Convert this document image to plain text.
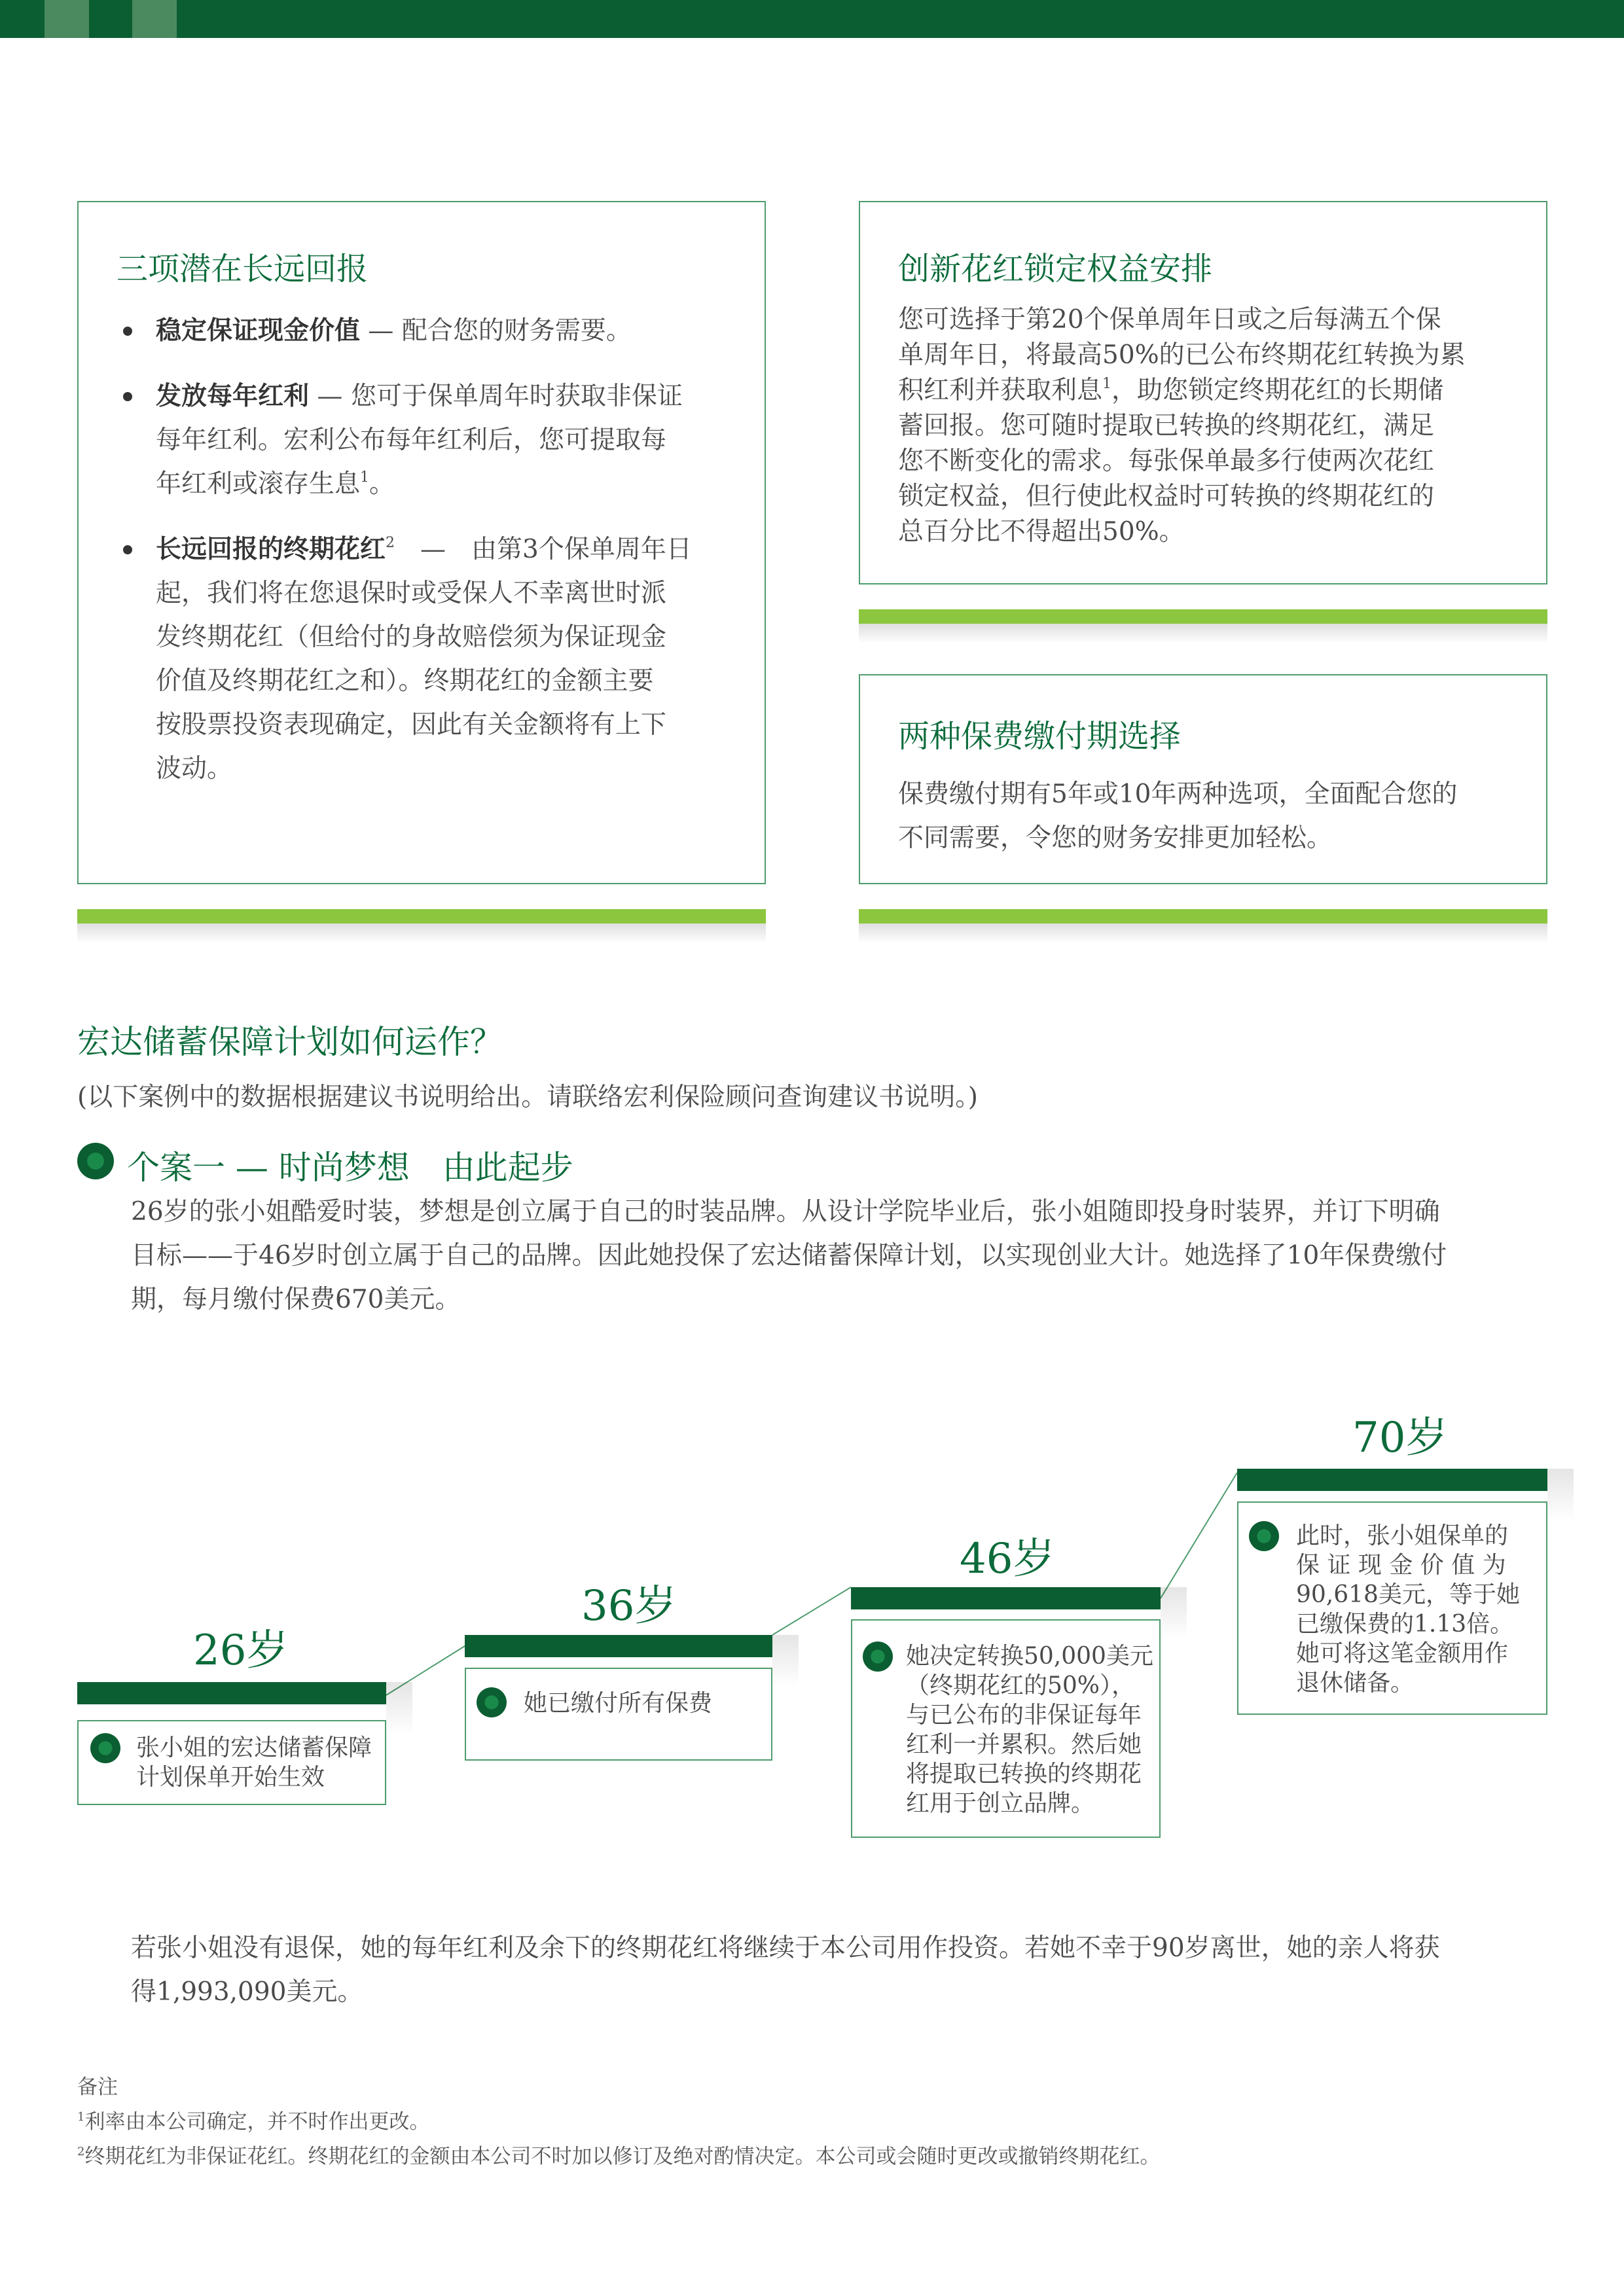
三项潜在长远回报
稳定保证现金价值 — 配合您的财务需要。
发放每年红利 — 您可于保单周年时获取非保证
每年红利。宏利公布每年红利后，您可提取每
年红利或滚存生息$^1$。
长远回报的终期花红$^2$　—　由第3个保单周年日
起，我们将在您退保时或受保人不幸离世时派
发终期花红（但给付的身故赔偿须为保证现金
价值及终期花红之和）。终期花红的金额主要
按股票投资表现确定，因此有关金额将有上下
波动。
创新花红锁定权益安排
您可选择于第20个保单周年日或之后每满五个保
单周年日，将最高50%的已公布终期花红转换为累
积红利并获取利息$^1$，助您锁定终期花红的长期储
蓄回报。您可随时提取已转换的终期花红，满足
您不断变化的需求。每张保单最多行使两次花红
锁定权益，但行使此权益时可转换的终期花红的
总百分比不得超出50%。
两种保费缴付期选择
保费缴付期有5年或10年两种选项，全面配合您的
不同需要，令您的财务安排更加轻松。
宏达储蓄保障计划如何运作？
(以下案例中的数据根据建议书说明给出。请联络宏利保险顾问查询建议书说明。)
个案一 — 时尚梦想　由此起步
26岁的张小姐酷爱时装，梦想是创立属于自己的时装品牌。从设计学院毕业后，张小姐随即投身时装界，并订下明确
目标——于46岁时创立属于自己的品牌。因此她投保了宏达储蓄保障计划，以实现创业大计。她选择了10年保费缴付
期，每月缴付保费670美元。
26岁
张小姐的宏达储蓄保障
计划保单开始生效
36岁
她已缴付所有保费
46岁
她决定转换50,000美元
（终期花红的50%），
与已公布的非保证每年
红利一并累积。然后她
将提取已转换的终期花
红用于创立品牌。
70岁
此时，张小姐保单的
保 证 现 金 价 值 为
90,618美元，等于她
已缴保费的1.13倍。
她可将这笔金额用作
退休储备。
若张小姐没有退保，她的每年红利及余下的终期花红将继续于本公司用作投资。若她不幸于90岁离世，她的亲人将获
得1,993,090美元。
备注
$^1$利率由本公司确定，并不时作出更改。
$^2$终期花红为非保证花红。终期花红的金额由本公司不时加以修订及绝对酌情决定。本公司或会随时更改或撤销终期花红。
